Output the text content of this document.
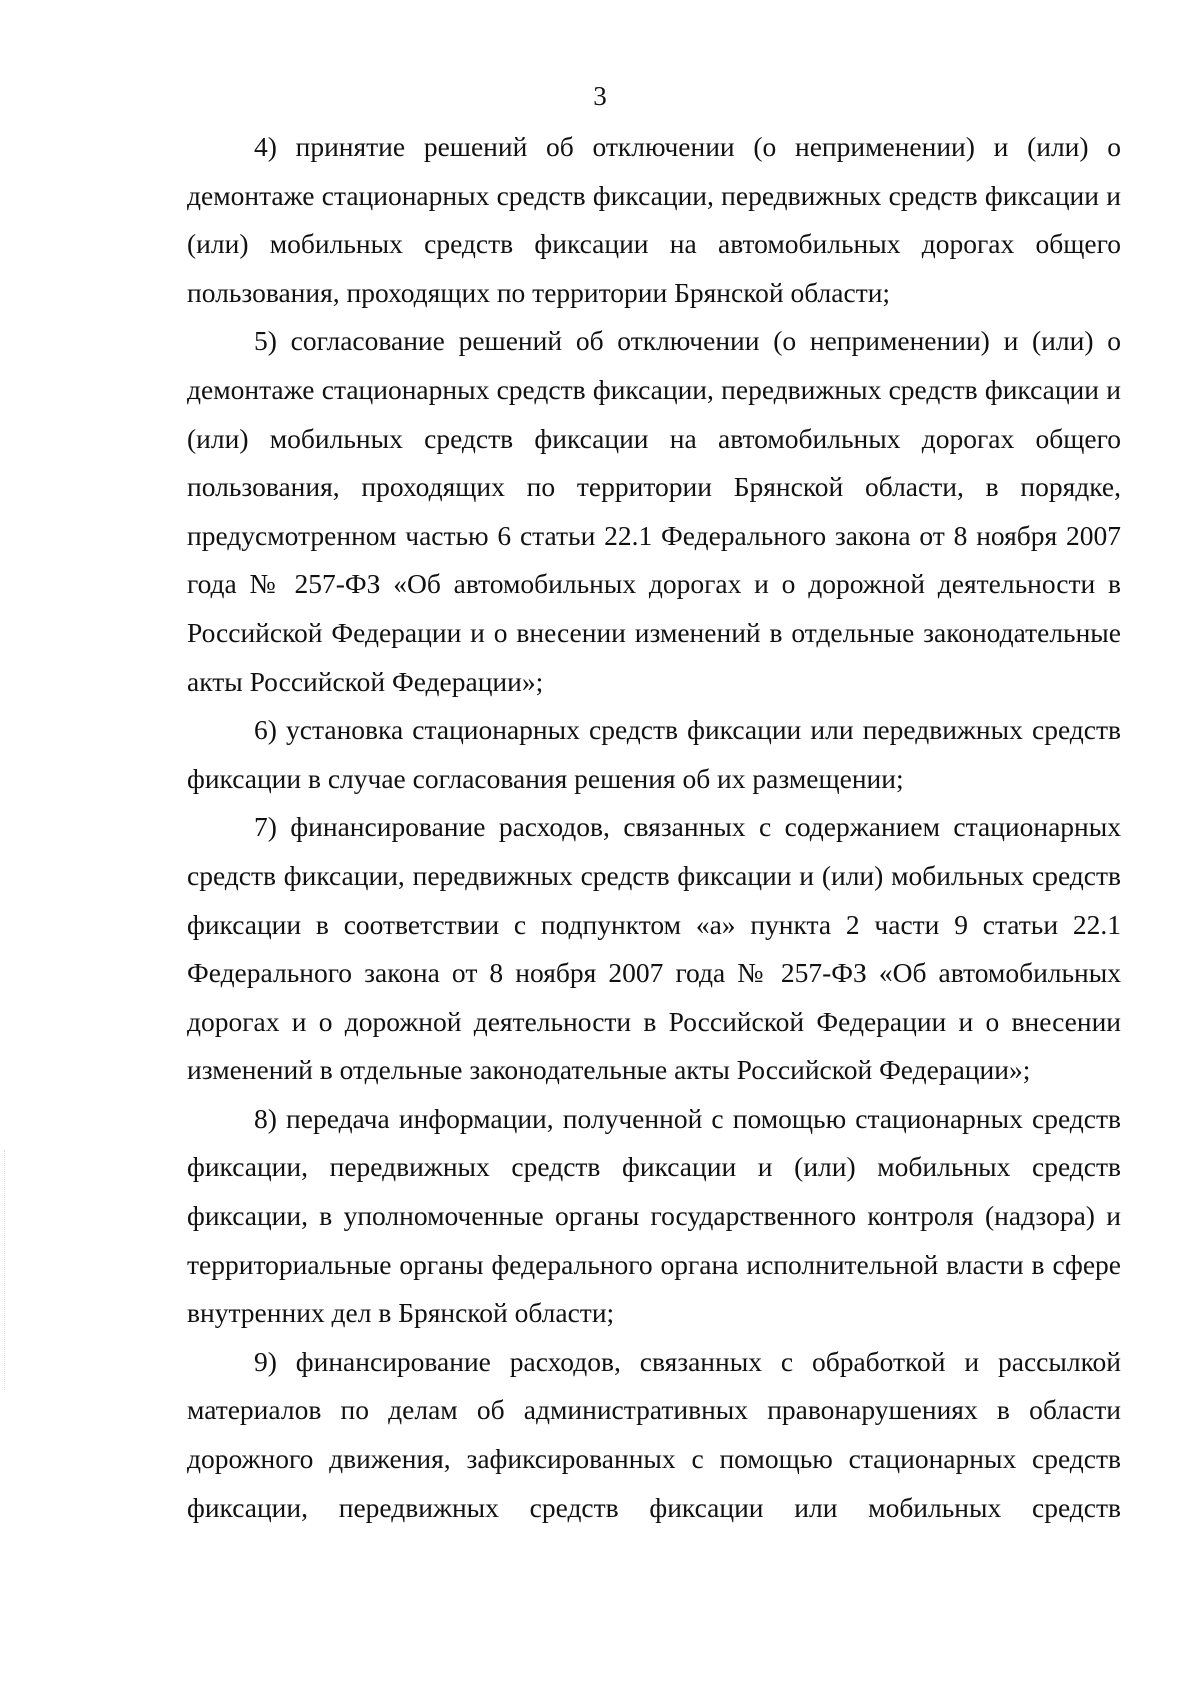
3

4) принятие решений об отключении (о неприменении) и (или) о демонтаже стационарных средств фиксации, передвижных средств фиксации и (или) мобильных средств фиксации на автомобильных дорогах общего пользования, проходящих по территории Брянской области;

5) согласование решений об отключении (о неприменении) и (или) о демонтаже стационарных средств фиксации, передвижных средств фиксации и (или) мобильных средств фиксации на автомобильных дорогах общего пользования, проходящих по территории Брянской области, в порядке, предусмотренном частью 6 статьи 22.1 Федерального закона от 8 ноября 2007 года № 257-ФЗ «Об автомобильных дорогах и о дорожной деятельности в Российской Федерации и о внесении изменений в отдельные законодательные акты Российской Федерации»;

6) установка стационарных средств фиксации или передвижных средств фиксации в случае согласования решения об их размещении;

7) финансирование расходов, связанных с содержанием стационарных средств фиксации, передвижных средств фиксации и (или) мобильных средств фиксации в соответствии с подпунктом «а» пункта 2 части 9 статьи 22.1 Федерального закона от 8 ноября 2007 года № 257-ФЗ «Об автомобильных дорогах и о дорожной деятельности в Российской Федерации и о внесении изменений в отдельные законодательные акты Российской Федерации»;

8) передача информации, полученной с помощью стационарных средств фиксации, передвижных средств фиксации и (или) мобильных средств фиксации, в уполномоченные органы государственного контроля (надзора) и территориальные органы федерального органа исполнительной власти в сфере внутренних дел в Брянской области;

9) финансирование расходов, связанных с обработкой и рассылкой материалов по делам об административных правонарушениях в области дорожного движения, зафиксированных с помощью стационарных средств фиксации, передвижных средств фиксации или мобильных средств
